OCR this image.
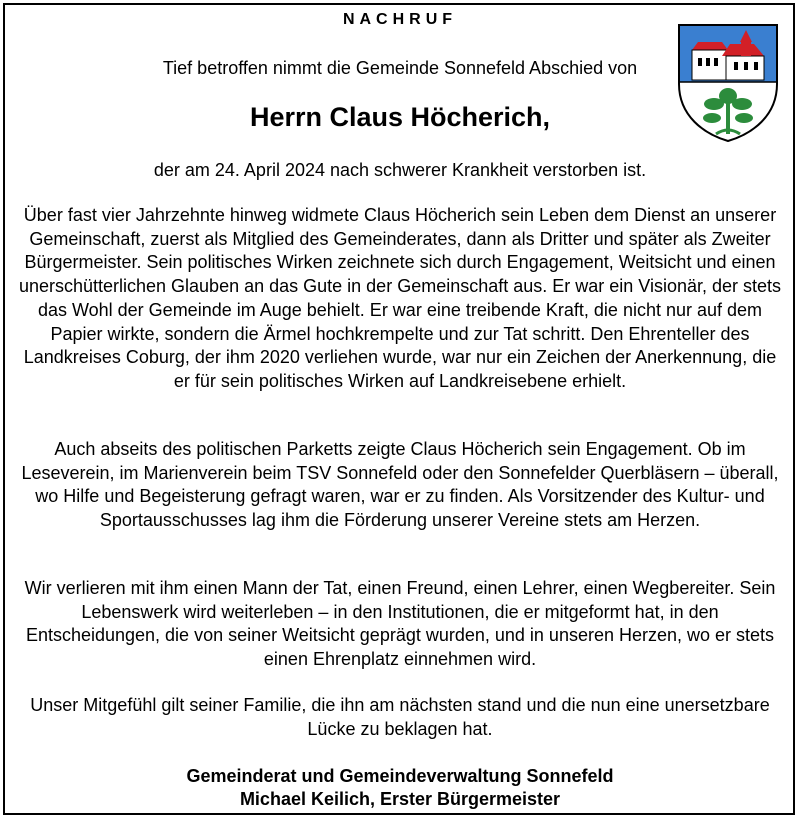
NACHRUF
Tief betroffen nimmt die Gemeinde Sonnefeld Abschied von
Herrn Claus Höcherich,
der am 24. April 2024 nach schwerer Krankheit verstorben ist.
Über fast vier Jahrzehnte hinweg widmete Claus Höcherich sein Leben dem Dienst an unserer Gemeinschaft, zuerst als Mitglied des Gemeinderates, dann als Dritter und später als Zweiter Bürgermeister. Sein politisches Wirken zeichnete sich durch Engagement, Weitsicht und einen unerschütterlichen Glauben an das Gute in der Gemeinschaft aus. Er war ein Visionär, der stets das Wohl der Gemeinde im Auge behielt. Er war eine treibende Kraft, die nicht nur auf dem Papier wirkte, sondern die Ärmel hochkrempelte und zur Tat schritt. Den Ehrenteller des Landkreises Coburg, der ihm 2020 verliehen wurde, war nur ein Zeichen der Anerkennung, die er für sein politisches Wirken auf Landkreisebene erhielt.
Auch abseits des politischen Parketts zeigte Claus Höcherich sein Engagement. Ob im Leseverein, im Marienverein beim TSV Sonnefeld oder den Sonnefelder Querbläsern – überall, wo Hilfe und Begeisterung gefragt waren, war er zu finden. Als Vorsitzender des Kultur- und Sportausschusses lag ihm die Förderung unserer Vereine stets am Herzen.
Wir verlieren mit ihm einen Mann der Tat, einen Freund, einen Lehrer, einen Wegbereiter. Sein Lebenswerk wird weiterleben – in den Institutionen, die er mitgeformt hat, in den Entscheidungen, die von seiner Weitsicht geprägt wurden, und in unseren Herzen, wo er stets einen Ehrenplatz einnehmen wird.
Unser Mitgefühl gilt seiner Familie, die ihn am nächsten stand und die nun eine unersetzbare Lücke zu beklagen hat.
Gemeinderat und Gemeindeverwaltung Sonnefeld
Michael Keilich, Erster Bürgermeister
